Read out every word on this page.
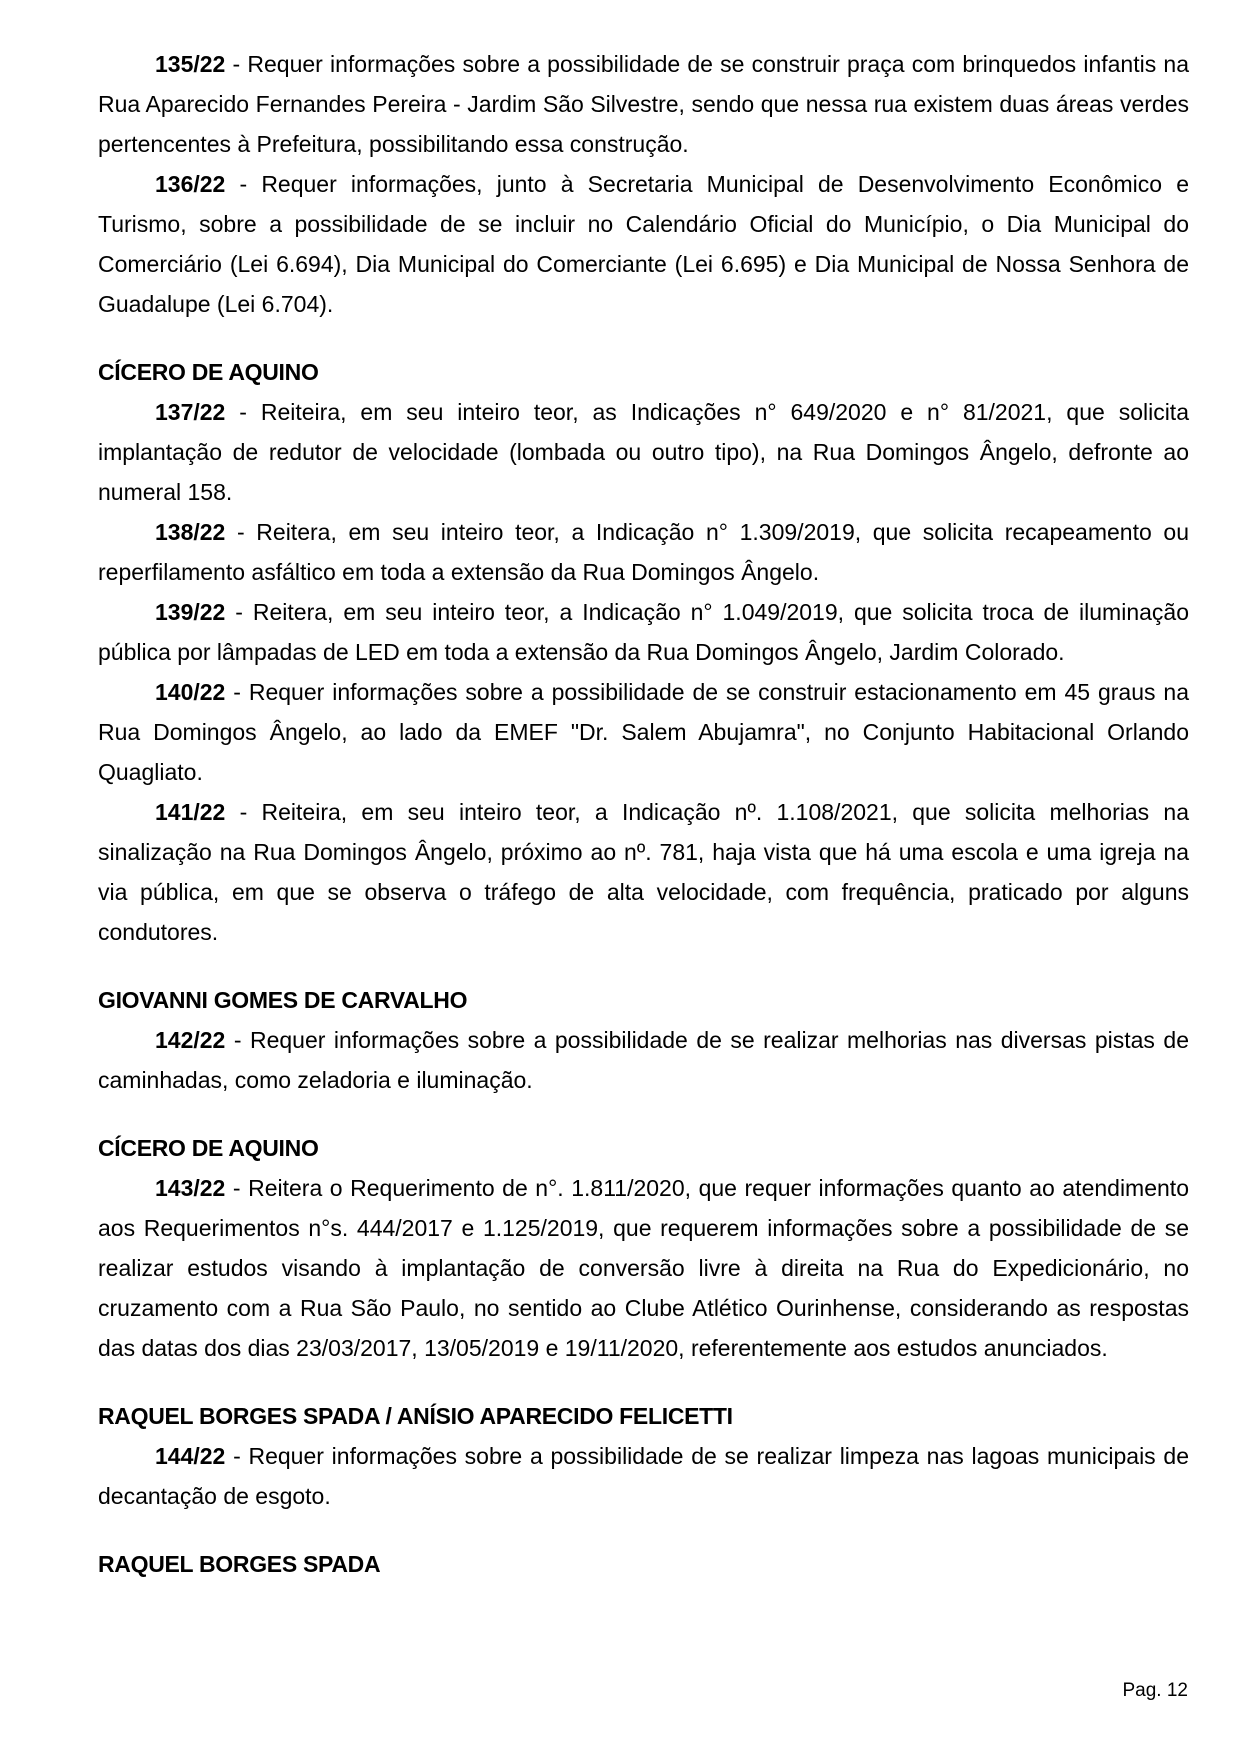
135/22 - Requer informações sobre a possibilidade de se construir praça com brinquedos infantis na Rua Aparecido Fernandes Pereira - Jardim São Silvestre, sendo que nessa rua existem duas áreas verdes pertencentes à Prefeitura, possibilitando essa construção.

136/22 - Requer informações, junto à Secretaria Municipal de Desenvolvimento Econômico e Turismo, sobre a possibilidade de se incluir no Calendário Oficial do Município, o Dia Municipal do Comerciário (Lei 6.694), Dia Municipal do Comerciante (Lei 6.695) e Dia Municipal de Nossa Senhora de Guadalupe (Lei 6.704).

CÍCERO DE AQUINO

137/22 - Reiteira, em seu inteiro teor, as Indicações n° 649/2020 e n° 81/2021, que solicita implantação de redutor de velocidade (lombada ou outro tipo), na Rua Domingos Ângelo, defronte ao numeral 158.

138/22 - Reitera, em seu inteiro teor, a Indicação n° 1.309/2019, que solicita recapeamento ou reperfilamento asfáltico em toda a extensão da Rua Domingos Ângelo.

139/22 - Reitera, em seu inteiro teor, a Indicação n° 1.049/2019, que solicita troca de iluminação pública por lâmpadas de LED em toda a extensão da Rua Domingos Ângelo, Jardim Colorado.

140/22 - Requer informações sobre a possibilidade de se construir estacionamento em 45 graus na Rua Domingos Ângelo, ao lado da EMEF "Dr. Salem Abujamra", no Conjunto Habitacional Orlando Quagliato.

141/22 - Reiteira, em seu inteiro teor, a Indicação nº. 1.108/2021, que solicita melhorias na sinalização na Rua Domingos Ângelo, próximo ao nº. 781, haja vista que há uma escola e uma igreja na via pública, em que se observa o tráfego de alta velocidade, com frequência, praticado por alguns condutores.

GIOVANNI GOMES DE CARVALHO

142/22 - Requer informações sobre a possibilidade de se realizar melhorias nas diversas pistas de caminhadas, como zeladoria e iluminação.

CÍCERO DE AQUINO

143/22 - Reitera o Requerimento de n°. 1.811/2020, que requer informações quanto ao atendimento aos Requerimentos n°s. 444/2017 e 1.125/2019, que requerem informações sobre a possibilidade de se realizar estudos visando à implantação de conversão livre à direita na Rua do Expedicionário, no cruzamento com a Rua São Paulo, no sentido ao Clube Atlético Ourinhense, considerando as respostas das datas dos dias 23/03/2017, 13/05/2019 e 19/11/2020, referentemente aos estudos anunciados.

RAQUEL BORGES SPADA / ANÍSIO APARECIDO FELICETTI

144/22 - Requer informações sobre a possibilidade de se realizar limpeza nas lagoas municipais de decantação de esgoto.

RAQUEL BORGES SPADA
Pag. 12
